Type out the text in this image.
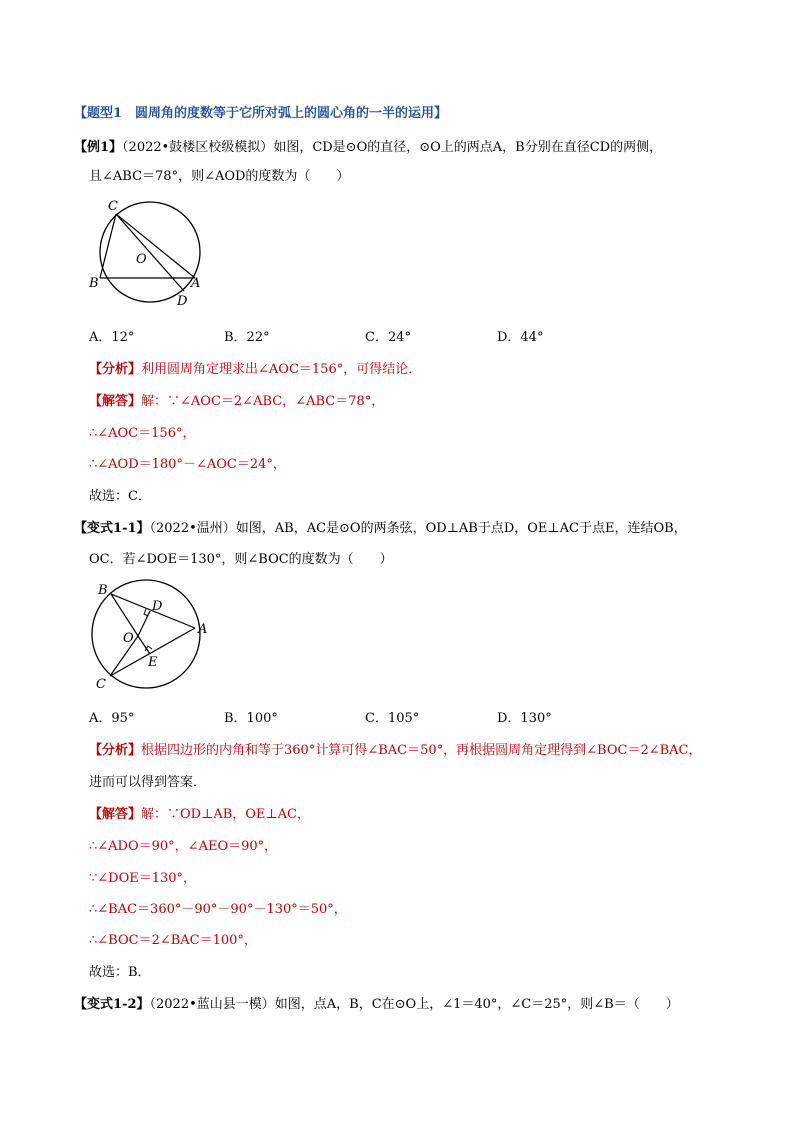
【题型1　圆周角的度数等于它所对弧上的圆心角的一半的运用】
【例1】（2022•鼓楼区校级模拟）如图，CD是⊙O的直径，⊙O上的两点A，B分别在直径CD的两侧，
且∠ABC＝78°，则∠AOD的度数为（　　）
C
O
B	A
D
A．12°	B．22°	C．24°	D．44°
【分析】利用圆周角定理求出∠AOC＝156°，可得结论．
【解答】解：∵∠AOC＝2∠ABC，∠ABC＝78°，
∴∠AOC＝156°，
∴∠AOD＝180°－∠AOC＝24°，
故选：C．
【变式1-1】（2022•温州）如图，AB，AC是⊙O的两条弦，OD⊥AB于点D，OE⊥AC于点E，连结OB，
OC．若∠DOE＝130°，则∠BOC的度数为（　　）
B
D
A
O
E
C
A．95°	B．100°	C．105°	D．130°
【分析】根据四边形的内角和等于360°计算可得∠BAC＝50°，再根据圆周角定理得到∠BOC＝2∠BAC，
进而可以得到答案．
【解答】解：∵OD⊥AB，OE⊥AC，
∴∠ADO＝90°，∠AEO＝90°，
∵∠DOE＝130°，
∴∠BAC＝360°－90°－90°－130°＝50°，
∴∠BOC＝2∠BAC＝100°，
故选：B．
【变式1-2】（2022•蓝山县一模）如图，点A，B，C在⊙O上，∠1＝40°，∠C＝25°，则∠B＝（　　）
